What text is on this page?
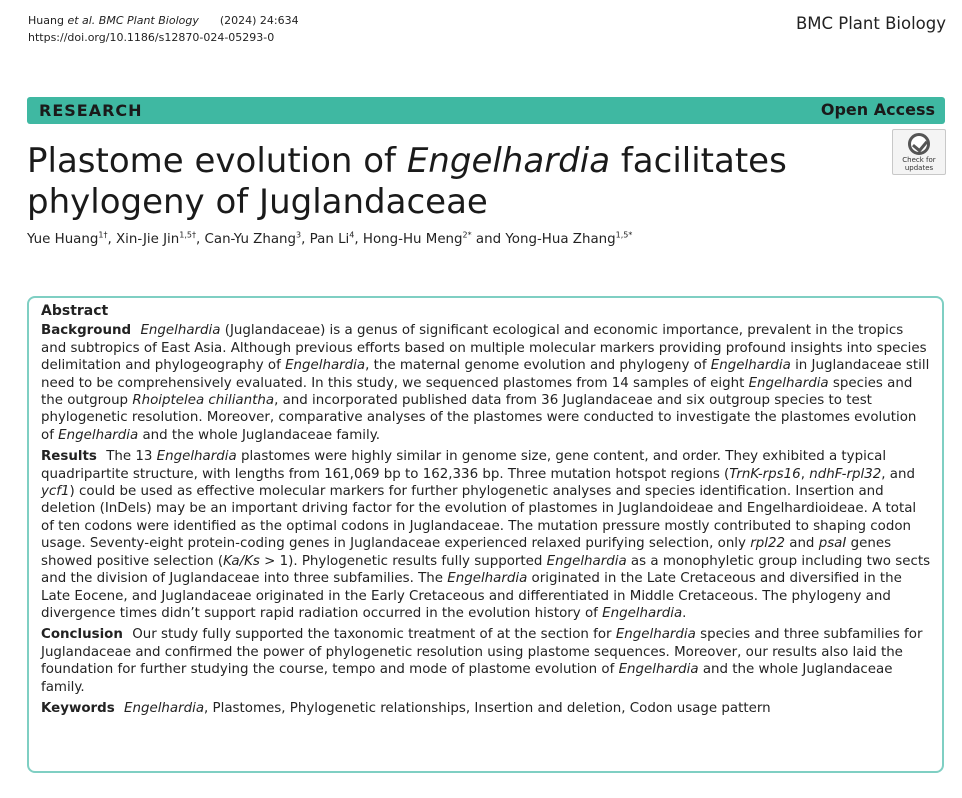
Huang et al. BMC Plant Biology      (2024) 24:634
https://doi.org/10.1186/s12870-024-05293-0
BMC Plant Biology
RESEARCH	Open Access
Check for
updates
Plastome evolution of Engelhardia facilitates
phylogeny of Juglandaceae
Yue Huang$^{1\dagger}$, Xin-Jie Jin$^{1,5\dagger}$, Can-Yu Zhang$^3$, Pan Li$^4$, Hong-Hu Meng$^{2*}$ and Yong-Hua Zhang$^{1,5*}$
Abstract

Background  Engelhardia (Juglandaceae) is a genus of significant ecological and economic importance, prevalent in the tropics and subtropics of East Asia. Although previous efforts based on multiple molecular markers providing profound insights into species delimitation and phylogeography of Engelhardia, the maternal genome evolution and phylogeny of Engelhardia in Juglandaceae still need to be comprehensively evaluated. In this study, we sequenced plastomes from 14 samples of eight Engelhardia species and the outgroup Rhoiptelea chiliantha, and incorporated published data from 36 Juglandaceae and six outgroup species to test phylogenetic resolution. Moreover, comparative analyses of the plastomes were conducted to investigate the plastomes evolution of Engelhardia and the whole Juglandaceae family.

Results  The 13 Engelhardia plastomes were highly similar in genome size, gene content, and order. They exhibited a typical quadripartite structure, with lengths from 161,069 bp to 162,336 bp. Three mutation hotspot regions (TrnK-rps16, ndhF-rpl32, and ycf1) could be used as effective molecular markers for further phylogenetic analyses and species identification. Insertion and deletion (InDels) may be an important driving factor for the evolution of plastomes in Juglandoideae and Engelhardioideae. A total of ten codons were identified as the optimal codons in Juglandaceae. The mutation pressure mostly contributed to shaping codon usage. Seventy-eight protein-coding genes in Juglandaceae experienced relaxed purifying selection, only rpl22 and psaI genes showed positive selection (Ka/Ks > 1). Phylogenetic results fully supported Engelhardia as a monophyletic group including two sects and the division of Juglandaceae into three subfamilies. The Engelhardia originated in the Late Cretaceous and diversified in the Late Eocene, and Juglandaceae originated in the Early Cretaceous and differentiated in Middle Cretaceous. The phylogeny and divergence times didn’t support rapid radiation occurred in the evolution history of Engelhardia.

Conclusion  Our study fully supported the taxonomic treatment of at the section for Engelhardia species and three subfamilies for Juglandaceae and confirmed the power of phylogenetic resolution using plastome sequences. Moreover, our results also laid the foundation for further studying the course, tempo and mode of plastome evolution of Engelhardia and the whole Juglandaceae family.

Keywords  Engelhardia, Plastomes, Phylogenetic relationships, Insertion and deletion, Codon usage pattern
